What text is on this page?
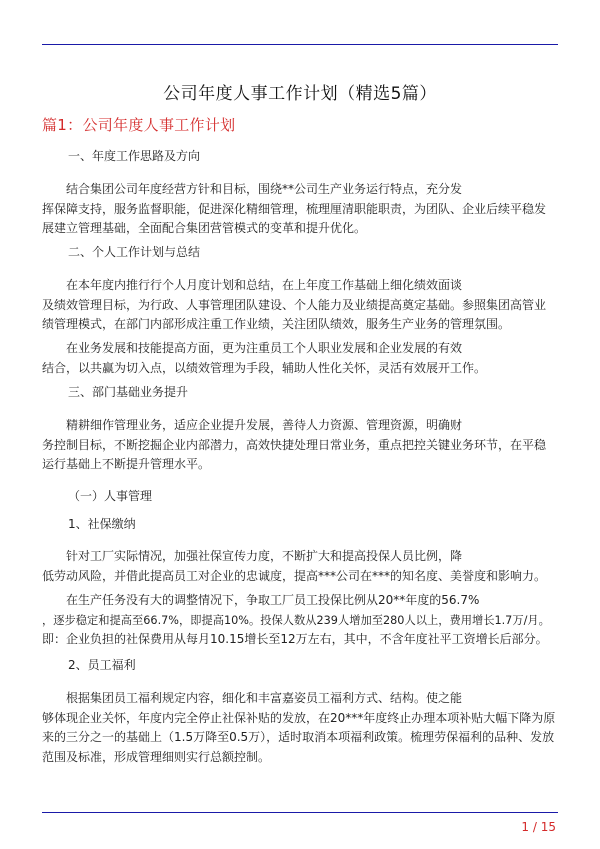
公司年度人事工作计划（精选5篇）
篇1：公司年度人事工作计划

一、年度工作思路及方向

　　结合集团公司年度经营方针和目标，围绕**公司生产业务运行特点，充分发
挥保障支持，服务监督职能，促进深化精细管理，梳理厘清职能职责，为团队、企业后续平稳发
展建立管理基础，全面配合集团营管模式的变革和提升优化。

二、个人工作计划与总结

　　在本年度内推行行个人月度计划和总结，在上年度工作基础上细化绩效面谈
及绩效管理目标，为行政、人事管理团队建设、个人能力及业绩提高奠定基础。参照集团高管业
绩管理模式，在部门内部形成注重工作业绩，关注团队绩效，服务生产业务的管理氛围。
　　在业务发展和技能提高方面，更为注重员工个人职业发展和企业发展的有效
结合，以共赢为切入点，以绩效管理为手段，辅助人性化关怀，灵活有效展开工作。

三、部门基础业务提升

　　精耕细作管理业务，适应企业提升发展，善待人力资源、管理资源，明确财
务控制目标，不断挖掘企业内部潜力，高效快捷处理日常业务，重点把控关键业务环节，在平稳
运行基础上不断提升管理水平。

（一）人事管理

1、社保缴纳

　　针对工厂实际情况，加强社保宣传力度，不断扩大和提高投保人员比例，降
低劳动风险，并借此提高员工对企业的忠诚度，提高***公司在***的知名度、美誉度和影响力。
　　在生产任务没有大的调整情况下，争取工厂员工投保比例从20**年度的56.7%
，逐步稳定和提高至66.7%，即提高10%。投保人数从239人增加至280人以上，费用增长1.7万/月。
即：企业负担的社保费用从每月10.15增长至12万左右，其中，不含年度社平工资增长后部分。

2、员工福利

　　根据集团员工福利规定内容，细化和丰富嘉姿员工福利方式、结构。使之能
够体现企业关怀，年度内完全停止社保补贴的发放，在20***年度终止办理本项补贴大幅下降为原
来的三分之一的基础上（1.5万降至0.5万），适时取消本项福利政策。梳理劳保福利的品种、发放
范围及标准，形成管理细则实行总额控制。
1 / 15
